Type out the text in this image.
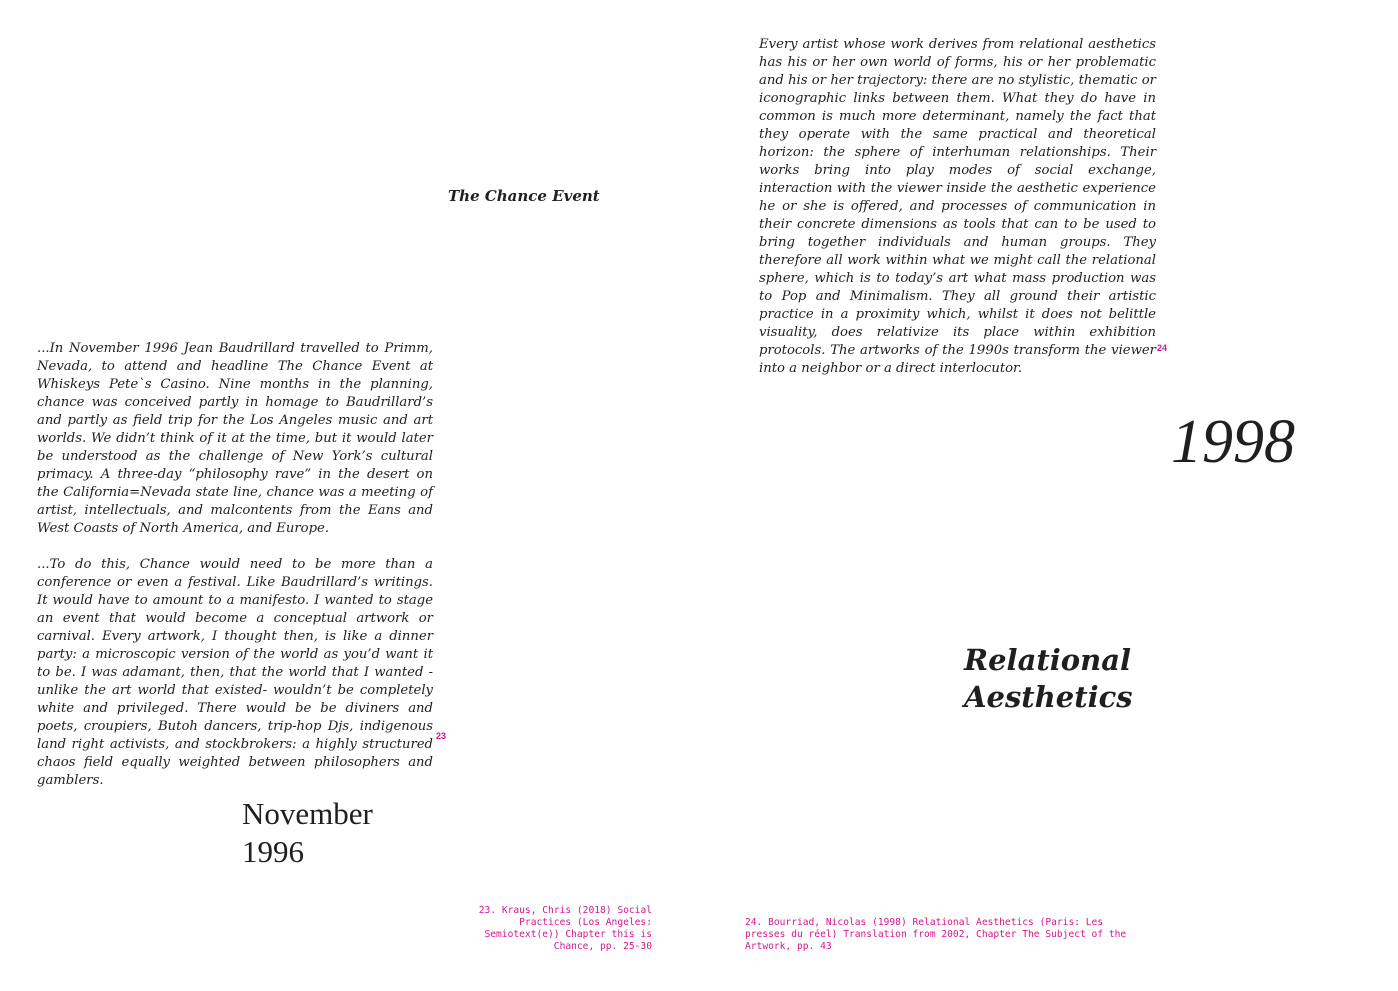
The Chance Event

...In November 1996 Jean Baudrillard travelled to Primm, Nevada, to attend and headline The Chance Event at Whiskeys Pete`s Casino. Nine months in the planning, chance was conceived partly in homage to Baudrillard’s and partly as field trip for the Los Angeles music and art worlds. We didn’t think of it at the time, but it would later be understood as the challenge of New York’s cultural primacy. A three-day “philosophy rave” in the desert on the California=Nevada state line, chance was a meeting of artist, intellectuals, and malcontents from the Eans and West Coasts of North America, and Europe.

...To do this, Chance would need to be more than a conference or even a festival. Like Baudrillard’s writings. It would have to amount to a manifesto. I wanted to stage an event that would become a conceptual artwork or carnival. Every artwork, I thought then, is like a dinner party: a microscopic version of the world as you’d want it to be. I was adamant, then, that the world that I wanted -unlike the art world that existed- wouldn’t be completely white and privileged. There would be be diviners and poets, croupiers, Butoh dancers, trip-hop Djs, indigenous land right activists, and stockbrokers: a highly structured chaos field equally weighted between philosophers and gamblers.

23
November
1996

23. Kraus, Chris (2018) Social Practices (Los Angeles: Semiotext(e)) Chapter this is Chance, pp. 25-30

Every artist whose work derives from relational aesthetics has his or her own world of forms, his or her problematic and his or her trajectory: there are no stylistic, thematic or iconographic links between them. What they do have in common is much more determinant, namely the fact that they operate with the same practical and theoretical horizon: the sphere of interhuman relationships. Their works bring into play modes of social exchange, interaction with the viewer inside the aesthetic experience he or she is offered, and processes of communication in their concrete dimensions as tools that can to be used to bring together individuals and human groups. They therefore all work within what we might call the relational sphere, which is to today’s art what mass production was to Pop and Minimalism. They all ground their artistic practice in a proximity which, whilst it does not belittle visuality, does relativize its place within exhibition protocols. The artworks of the 1990s transform the viewer into a neighbor or a direct interlocutor.

24
1998
Relational
Aesthetics

24. Bourriad, Nicolas (1998) Relational Aesthetics (Paris: Les presses du réel) Translation from 2002, Chapter The Subject of the Artwork, pp. 43
